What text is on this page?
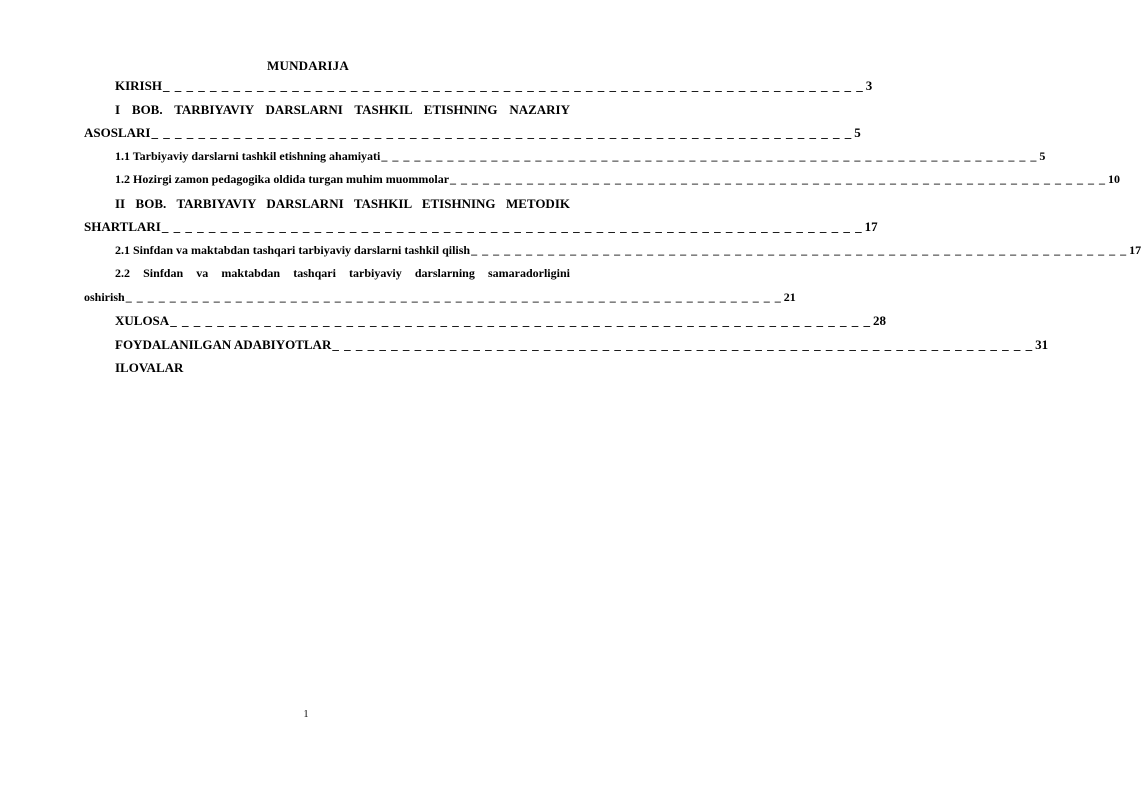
MUNDARIJA
KIRISH _ _ _ _ _ _ _ _ _ _ _ _ _ _ _ _ _ _ _ _ _ _ _ _ _ _ _ _ _ _ _ _ _ _ _ _ _ _ _ _ _ _ _ _ _ _ _ _ _ _ _ _ _ _ _ _ _ _ _ _ 3
I BOB. TARBIYAVIY DARSLARNI TASHKIL ETISHNING NAZARIY
ASOSLARI _ _ _ _ _ _ _ _ _ _ _ _ _ _ _ _ _ _ _ _ _ _ _ _ _ _ _ _ _ _ _ _ _ _ _ _ _ _ _ _ _ _ _ _ _ _ _ _ _ _ _ _ _ _ _ _ _ _ _ _ 5
1.1 Tarbiyaviy darslarni tashkil etishning ahamiyati _ _ _ _ _ _ _ _ _ _ _ _ _ _ _ _ _ _ _ _ _ _ _ _ _ _ _ _ _ _ _ _ _ _ _ _ _ _ _ _ _ _ _ _ _ _ _ _ _ _ _ _ _ _ _ _ _ _ _ _ 5
1.2 Hozirgi zamon pedagogika oldida turgan muhim muommolar _ _ _ _ _ _ _ _ _ _ _ _ _ _ _ _ _ _ _ _ _ _ _ _ _ _ _ _ _ _ _ _ _ _ _ _ _ _ _ _ _ _ _ _ _ _ _ _ _ _ _ _ _ _ _ _ _ _ _ _ 10
II BOB. TARBIYAVIY DARSLARNI TASHKIL ETISHNING METODIK
SHARTLARI _ _ _ _ _ _ _ _ _ _ _ _ _ _ _ _ _ _ _ _ _ _ _ _ _ _ _ _ _ _ _ _ _ _ _ _ _ _ _ _ _ _ _ _ _ _ _ _ _ _ _ _ _ _ _ _ _ _ _ _ 17
2.1 Sinfdan va maktabdan tashqari tarbiyaviy darslarni tashkil qilish _ _ _ _ _ _ _ _ _ _ _ _ _ _ _ _ _ _ _ _ _ _ _ _ _ _ _ _ _ _ _ _ _ _ _ _ _ _ _ _ _ _ _ _ _ _ _ _ _ _ _ _ _ _ _ _ _ _ _ _ 17
2.2 Sinfdan va maktabdan tashqari tarbiyaviy darslarning samaradorligini
oshirish _ _ _ _ _ _ _ _ _ _ _ _ _ _ _ _ _ _ _ _ _ _ _ _ _ _ _ _ _ _ _ _ _ _ _ _ _ _ _ _ _ _ _ _ _ _ _ _ _ _ _ _ _ _ _ _ _ _ _ _ 21
XULOSA _ _ _ _ _ _ _ _ _ _ _ _ _ _ _ _ _ _ _ _ _ _ _ _ _ _ _ _ _ _ _ _ _ _ _ _ _ _ _ _ _ _ _ _ _ _ _ _ _ _ _ _ _ _ _ _ _ _ _ _ 28
FOYDALANILGAN ADABIYOTLAR _ _ _ _ _ _ _ _ _ _ _ _ _ _ _ _ _ _ _ _ _ _ _ _ _ _ _ _ _ _ _ _ _ _ _ _ _ _ _ _ _ _ _ _ _ _ _ _ _ _ _ _ _ _ _ _ _ _ _ _ 31
ILOVALAR
1
